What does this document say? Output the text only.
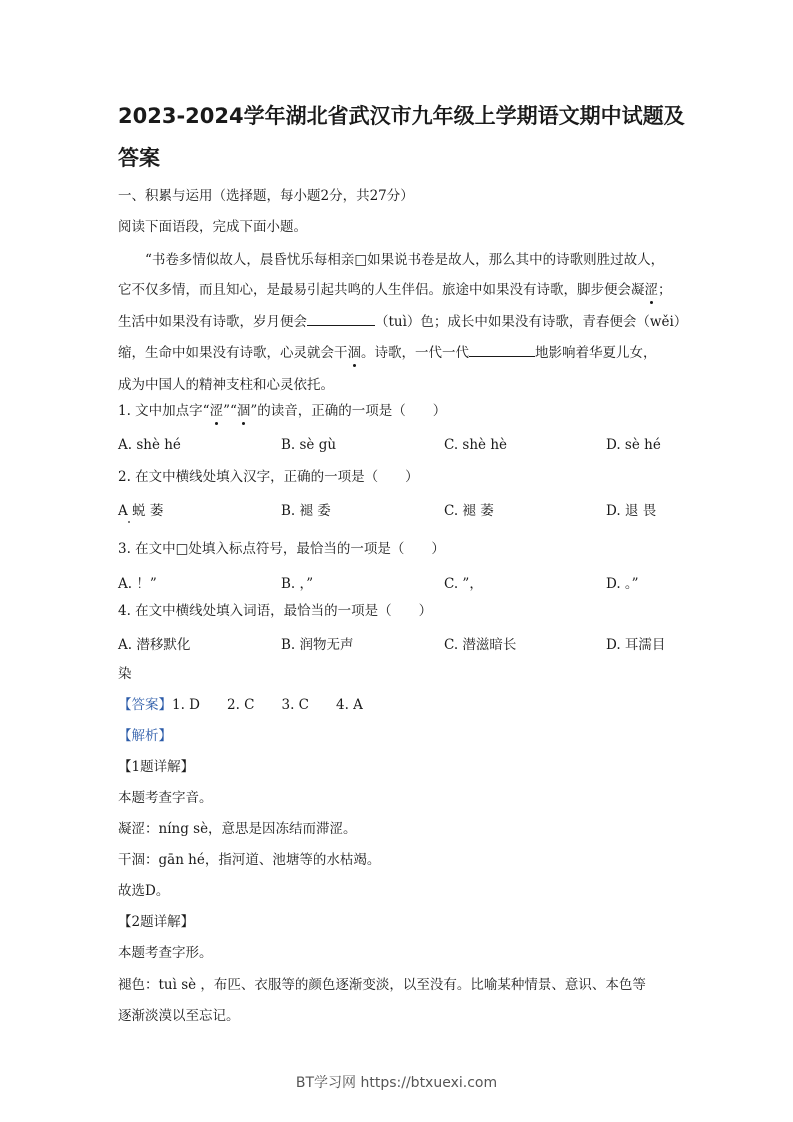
2023-2024学年湖北省武汉市九年级上学期语文期中试题及
答案
一、积累与运用（选择题，每小题2分，共27分）
阅读下面语段，完成下面小题。
“书卷多情似故人，晨昏忧乐每相亲□如果说书卷是故人，那么其中的诗歌则胜过故人，
它不仅多情，而且知心，是最易引起共鸣的人生伴侣。旅途中如果没有诗歌，脚步便会凝涩；
生活中如果没有诗歌，岁月便会	（tuì）色；成长中如果没有诗歌，青春便会（wěi）
缩，生命中如果没有诗歌，心灵就会干涸。诗歌，一代一代	地影响着华夏儿女，
成为中国人的精神支柱和心灵依托。
1. 文中加点字“涩”“涸”的读音，正确的一项是（　　）
A. shè hé	B. sè gù	C. shè hè	D. sè hé
2. 在文中横线处填入汉字，正确的一项是（　　）
A 蜕 萎	B. 褪 委	C. 褪 萎	D. 退 畏
3. 在文中□处填入标点符号，最恰当的一项是（　　）
A. ！”	B. ，”	C. ”，	D. 。”
4. 在文中横线处填入词语，最恰当的一项是（　　）
A. 潜移默化	B. 润物无声	C. 潜滋暗长	D. 耳濡目
染
【答案】1. D　　2. C　　3. C　　4. A
【解析】
【1题详解】
本题考查字音。
凝涩：níng sè，意思是因冻结而滞涩。
干涸：gān hé，指河道、池塘等的水枯竭。
故选D。
【2题详解】
本题考查字形。
褪色：tuì sè ，布匹、衣服等的颜色逐渐变淡，以至没有。比喻某种情景、意识、本色等
逐渐淡漠以至忘记。
BT学习网 https://btxuexi.com
